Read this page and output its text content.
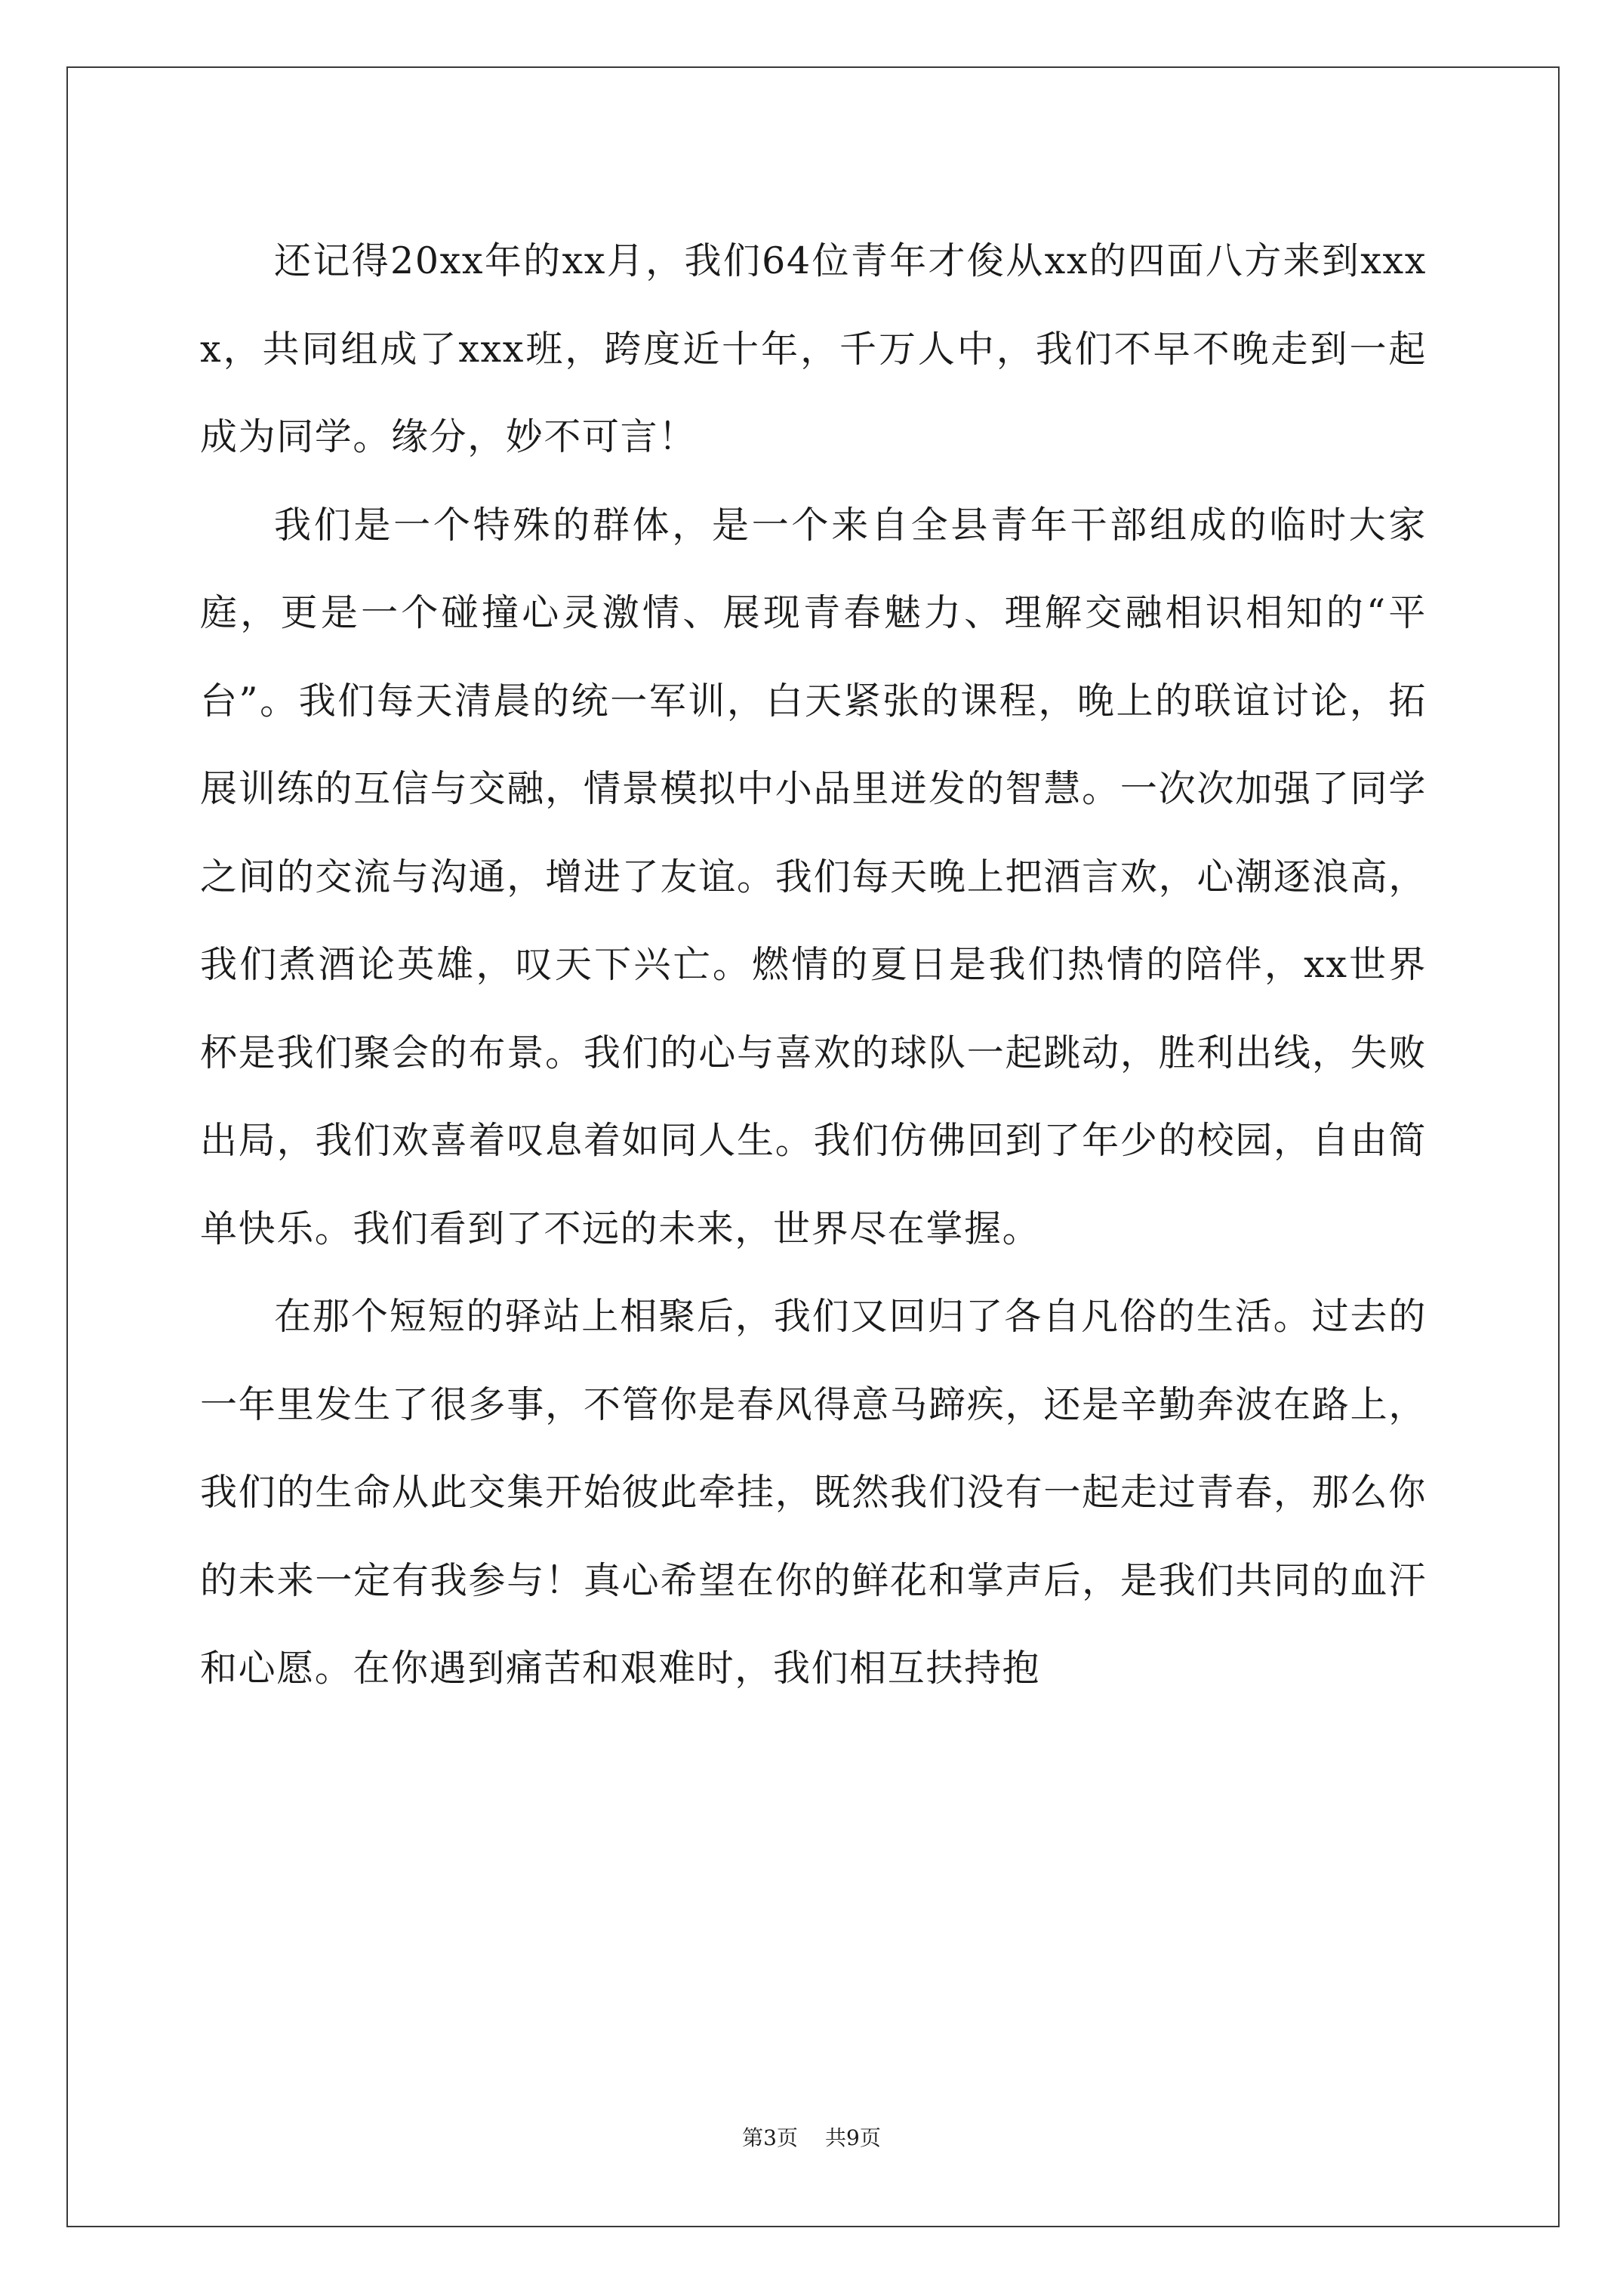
还记得20xx年的xx月，我们64位青年才俊从xx的四面八方来到xxxx，共同组成了xxx班，跨度近十年，千万人中，我们不早不晚走到一起成为同学。缘分，妙不可言！

我们是一个特殊的群体，是一个来自全县青年干部组成的临时大家庭，更是一个碰撞心灵激情、展现青春魅力、理解交融相识相知的“平台”。我们每天清晨的统一军训，白天紧张的课程，晚上的联谊讨论，拓展训练的互信与交融，情景模拟中小品里迸发的智慧。一次次加强了同学之间的交流与沟通，增进了友谊。我们每天晚上把酒言欢，心潮逐浪高，我们煮酒论英雄，叹天下兴亡。燃情的夏日是我们热情的陪伴，xx世界杯是我们聚会的布景。我们的心与喜欢的球队一起跳动，胜利出线，失败出局，我们欢喜着叹息着如同人生。我们仿佛回到了年少的校园，自由简单快乐。我们看到了不远的未来，世界尽在掌握。

在那个短短的驿站上相聚后，我们又回归了各自凡俗的生活。过去的一年里发生了很多事，不管你是春风得意马蹄疾，还是辛勤奔波在路上，我们的生命从此交集开始彼此牵挂，既然我们没有一起走过青春，那么你的未来一定有我参与！真心希望在你的鲜花和掌声后，是我们共同的血汗和心愿。在你遇到痛苦和艰难时，我们相互扶持抱

第3页 共9页
